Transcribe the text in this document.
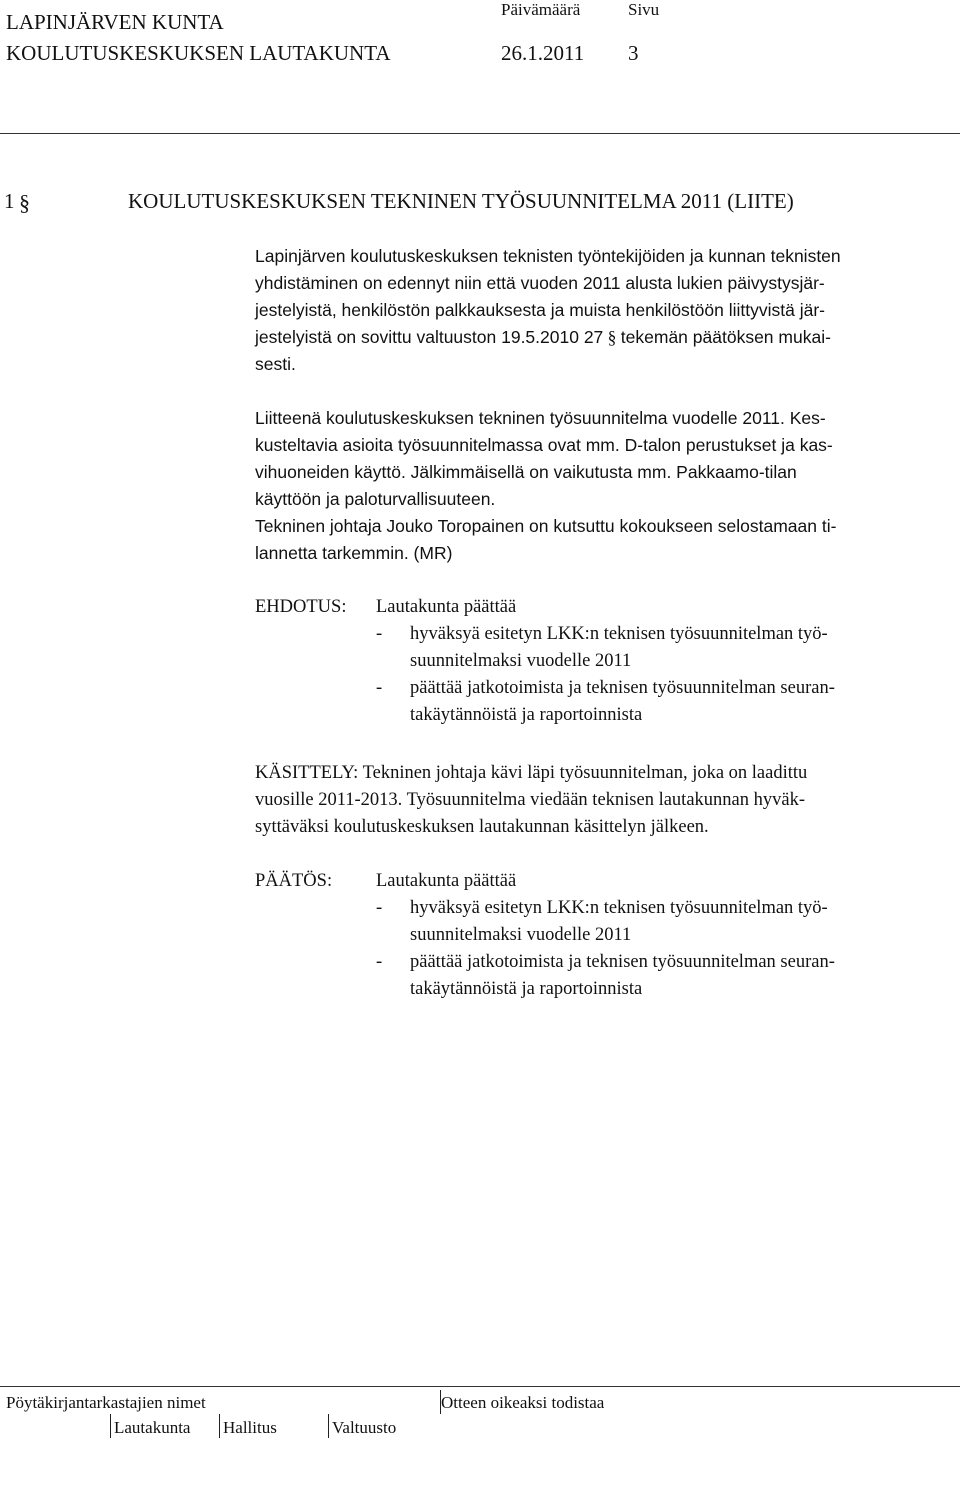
LAPINJÄRVEN KUNTA
KOULUTUSKESKUKSEN LAUTAKUNTA
Päivämäärä	Sivu
26.1.2011 3
1 §	KOULUTUSKESKUKSEN TEKNINEN TYÖSUUNNITELMA 2011 (LIITE)
Lapinjärven koulutuskeskuksen teknisten työntekijöiden ja kunnan teknisten
yhdistäminen on edennyt niin että vuoden 2011 alusta lukien päivystysjär-
jestelyistä, henkilöstön palkkauksesta ja muista henkilöstöön liittyvistä jär-
jestelyistä on sovittu valtuuston 19.5.2010 27 § tekemän päätöksen mukai-
sesti.
Liitteenä koulutuskeskuksen tekninen työsuunnitelma vuodelle 2011. Kes-
kusteltavia asioita työsuunnitelmassa ovat mm. D-talon perustukset ja kas-
vihuoneiden käyttö. Jälkimmäisellä on vaikutusta mm. Pakkaamo-tilan
käyttöön ja paloturvallisuuteen.
Tekninen johtaja Jouko Toropainen on kutsuttu kokoukseen selostamaan ti-
lannetta tarkemmin. (MR)
EHDOTUS: Lautakunta päättää
- hyväksyä esitetyn LKK:n teknisen työsuunnitelman työ-
suunnitelmaksi vuodelle 2011
- päättää jatkotoimista ja teknisen työsuunnitelman seuran-
takäytännöistä ja raportoinnista
KÄSITTELY: Tekninen johtaja kävi läpi työsuunnitelman, joka on laadittu
vuosille 2011-2013. Työsuunnitelma viedään teknisen lautakunnan hyväk-
syttäväksi koulutuskeskuksen lautakunnan käsittelyn jälkeen.
PÄÄTÖS: Lautakunta päättää
- hyväksyä esitetyn LKK:n teknisen työsuunnitelman työ-
suunnitelmaksi vuodelle 2011
- päättää jatkotoimista ja teknisen työsuunnitelman seuran-
takäytännöistä ja raportoinnista
Pöytäkirjantarkastajien nimet	Otteen oikeaksi todistaa
Lautakunta Hallitus	Valtuusto
